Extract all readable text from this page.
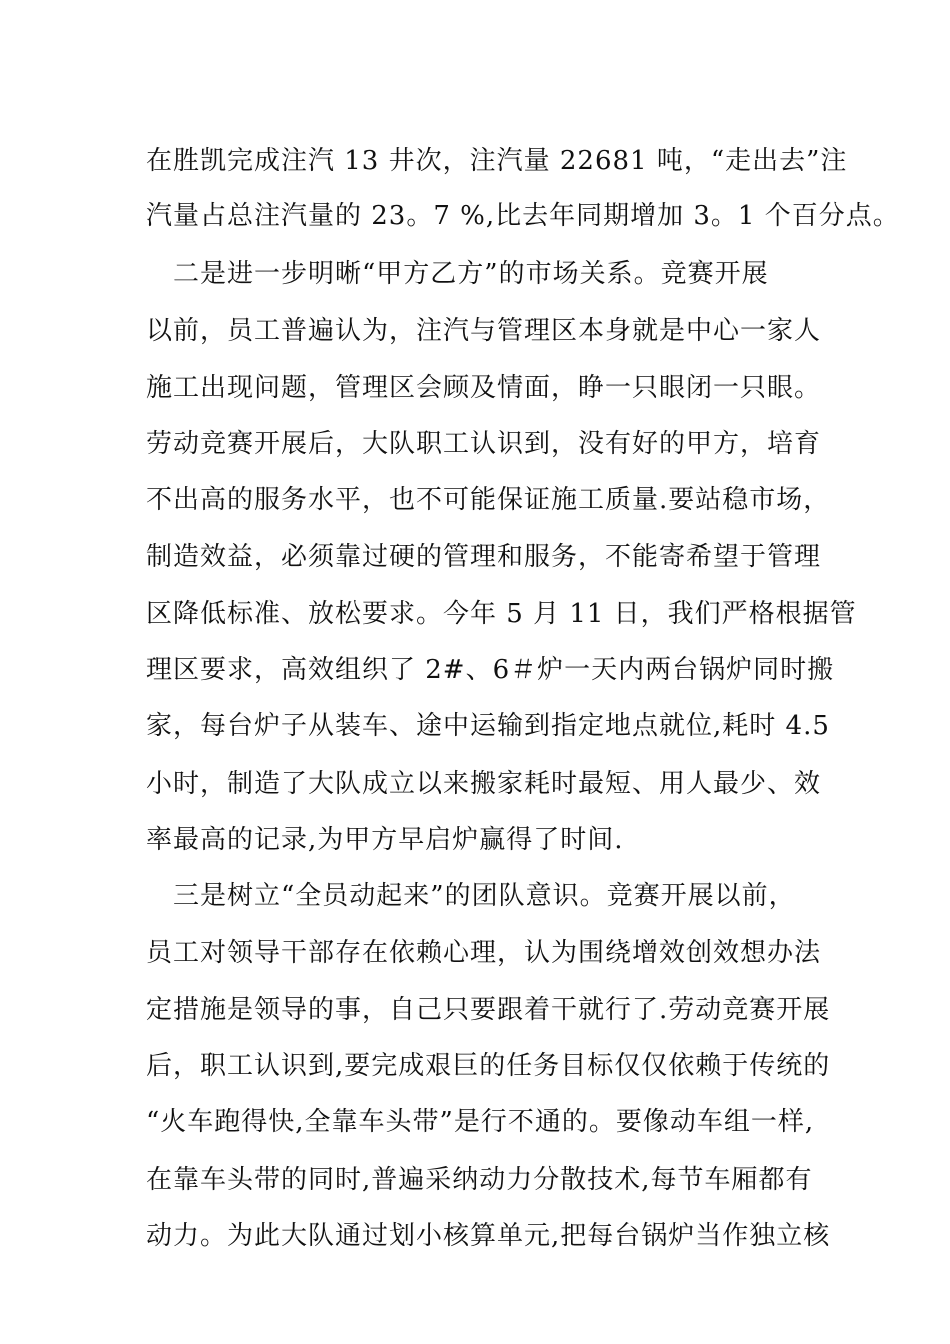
在胜凯完成注汽 13 井次，注汽量 22681 吨，“走出去”注
汽量占总注汽量的 23。7 %,比去年同期增加 3。1 个百分点。
　二是进一步明晰“甲方乙方”的市场关系。竞赛开展
以前，员工普遍认为，注汽与管理区本身就是中心一家人
施工出现问题，管理区会顾及情面，睁一只眼闭一只眼。
劳动竞赛开展后，大队职工认识到，没有好的甲方，培育
不出高的服务水平，也不可能保证施工质量.要站稳市场，
制造效益，必须靠过硬的管理和服务，不能寄希望于管理
区降低标准、放松要求。今年 5 月 11 日，我们严格根据管
理区要求，高效组织了 2#、6＃炉一天内两台锅炉同时搬
家，每台炉子从装车、途中运输到指定地点就位,耗时 4.5
小时，制造了大队成立以来搬家耗时最短、用人最少、效
率最高的记录,为甲方早启炉赢得了时间.
　三是树立“全员动起来”的团队意识。竞赛开展以前，
员工对领导干部存在依赖心理，认为围绕增效创效想办法
定措施是领导的事，自己只要跟着干就行了.劳动竞赛开展
后，职工认识到,要完成艰巨的任务目标仅仅依赖于传统的
“火车跑得快,全靠车头带”是行不通的。要像动车组一样,
在靠车头带的同时,普遍采纳动力分散技术,每节车厢都有
动力。为此大队通过划小核算单元,把每台锅炉当作独立核
